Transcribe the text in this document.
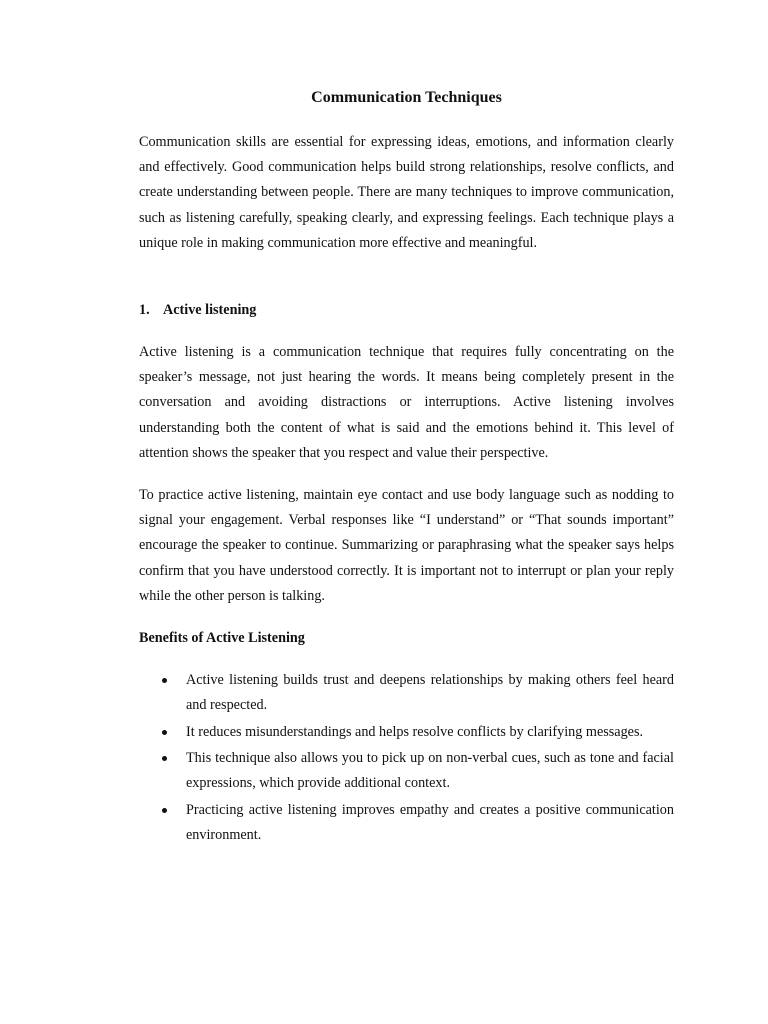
Communication Techniques

Communication skills are essential for expressing ideas, emotions, and information clearly and effectively. Good communication helps build strong relationships, resolve conflicts, and create understanding between people. There are many techniques to improve communication, such as listening carefully, speaking clearly, and expressing feelings. Each technique plays a unique role in making communication more effective and meaningful.

1. Active listening

Active listening is a communication technique that requires fully concentrating on the speaker’s message, not just hearing the words. It means being completely present in the conversation and avoiding distractions or interruptions. Active listening involves understanding both the content of what is said and the emotions behind it. This level of attention shows the speaker that you respect and value their perspective.

To practice active listening, maintain eye contact and use body language such as nodding to signal your engagement. Verbal responses like “I understand” or “That sounds important” encourage the speaker to continue. Summarizing or paraphrasing what the speaker says helps confirm that you have understood correctly. It is important not to interrupt or plan your reply while the other person is talking.

Benefits of Active Listening
Active listening builds trust and deepens relationships by making others feel heard and respected.
It reduces misunderstandings and helps resolve conflicts by clarifying messages.
This technique also allows you to pick up on non-verbal cues, such as tone and facial expressions, which provide additional context.
Practicing active listening improves empathy and creates a positive communication environment.
